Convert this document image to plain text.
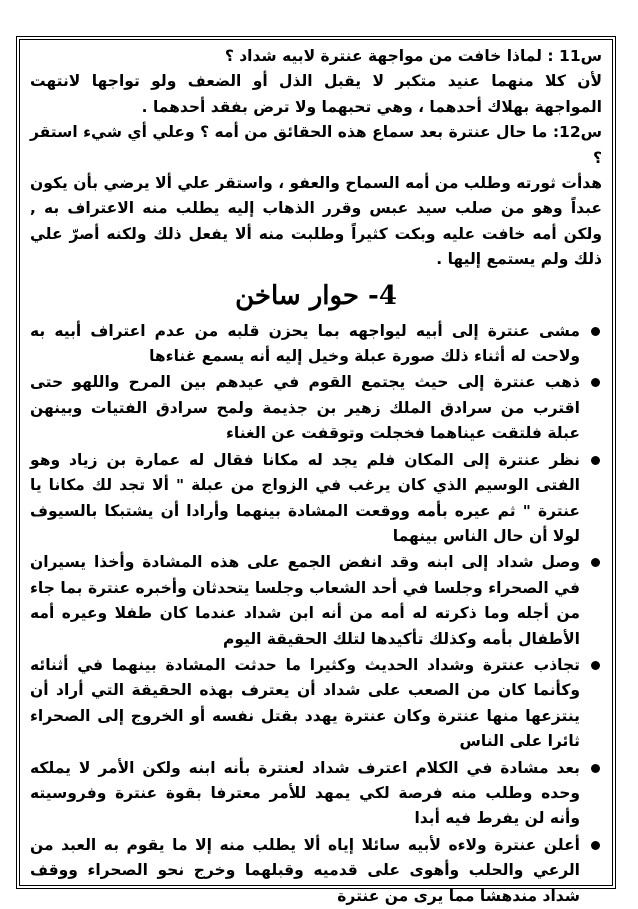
س11 : لماذا خافت من مواجهة عنترة لابيه شداد ؟

لأن كلا منهما عنيد متكبر لا يقبل الذل أو الضعف ولو تواجها لانتهت المواجهة بهلاك أحدهما ، وهي تحبهما ولا ترض بفقد أحدهما .

س12: ما حال عنترة بعد سماع هذه الحقائق من أمه ؟ وعلي أي شيء استقر ؟

هدأت ثورته وطلب من أمه السماح والعفو ، واستقر علي ألا يرضي بأن يكون عبداً وهو من صلب سيد عبس وقرر الذهاب إليه يطلب منه الاعتراف به , ولكن أمه خافت عليه وبكت كثيراً وطلبت منه ألا يفعل ذلك ولكنه أصرّ علي ذلك ولم يستمع إليها .

4- حوار ساخن
مشى عنترة إلى أبيه ليواجهه بما يحزن قلبه من عدم اعتراف أبيه به ولاحت له أثناء ذلك صورة عبلة وخيل إليه أنه يسمع غناءها
ذهب عنترة إلى حيث يجتمع القوم في عيدهم بين المرح واللهو حتى اقترب من سرادق الملك زهير بن جذيمة ولمح سرادق الفتيات وبينهن عبلة فلتقت عيناهما فخجلت وتوقفت عن الغناء
نظر عنترة إلى المكان فلم يجد له مكانا فقال له عمارة بن زياد وهو الفتى الوسيم الذي كان يرغب في الزواج من عبلة " ألا تجد لك مكانا يا عنترة " ثم عيره بأمه ووقعت المشادة بينهما وأرادا أن يشتبكا بالسيوف لولا أن حال الناس بينهما
وصل شداد إلى ابنه وقد انفض الجمع على هذه المشادة وأخذا يسيران في الصحراء وجلسا في أحد الشعاب وجلسا يتحدثان وأخبره عنترة بما جاء من أجله وما ذكرته له أمه من أنه ابن شداد عندما كان طفلا وعيره أمه الأطفال بأمه وكذلك تأكيدها لتلك الحقيقة اليوم
تجاذب عنترة وشداد الحديث وكثيرا ما حدثت المشادة بينهما في أثنائه وكأنما كان من الصعب على شداد أن يعترف بهذه الحقيقة التي أراد أن ينتزعها منها عنترة وكان عنترة يهدد بقتل نفسه أو الخروج إلى الصحراء ثائرا على الناس
بعد مشادة في الكلام اعترف شداد لعنترة بأنه ابنه ولكن الأمر لا يملكه وحده وطلب منه فرصة لكي يمهد للأمر معترفا بقوة عنترة وفروسيته وأنه لن يفرط فيه أبدا
أعلن عنترة ولاءه لأبيه سائلا إياه ألا يطلب منه إلا ما يقوم به العبد من الرعي والحلب وأهوى على قدميه وقبلهما وخرج نحو الصحراء ووقف شداد مندهشا مما يرى من عنترة
